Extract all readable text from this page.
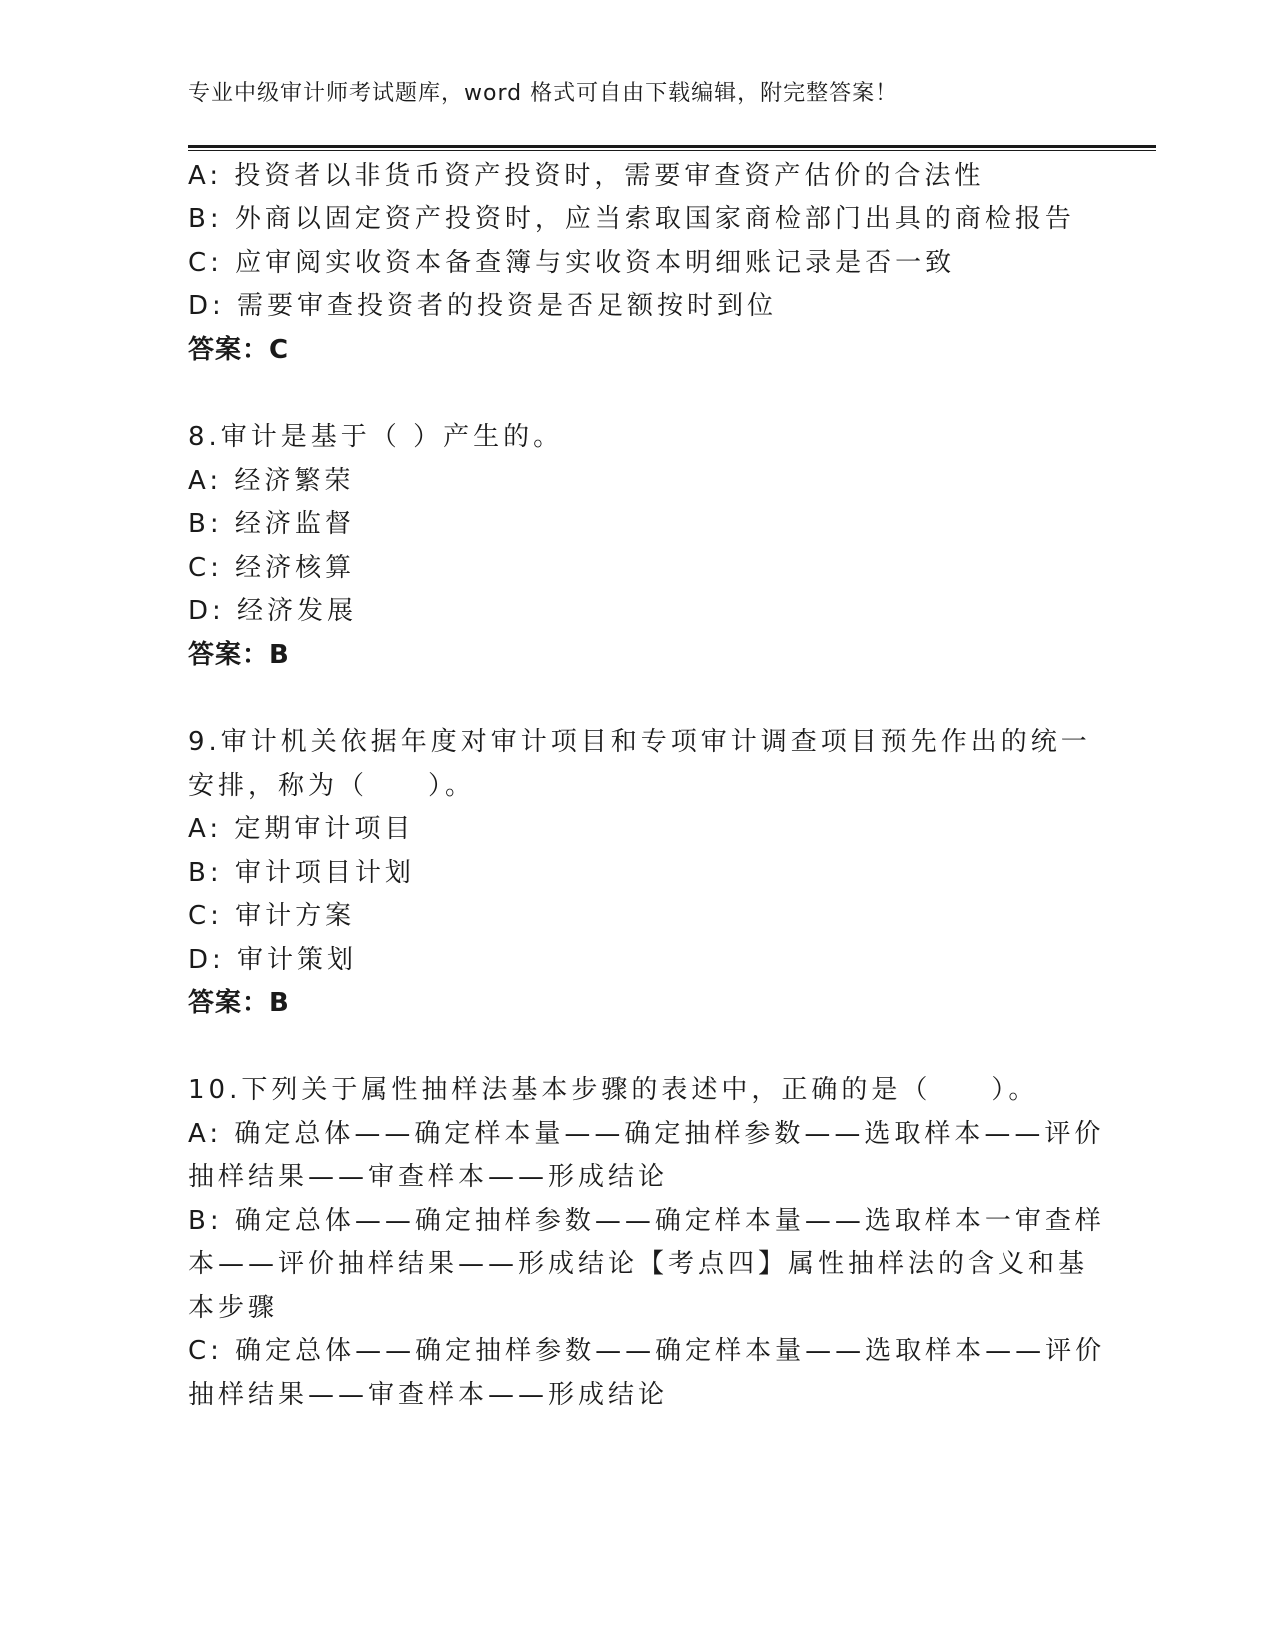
专业中级审计师考试题库，word 格式可自由下载编辑，附完整答案！
A: 投资者以非货币资产投资时，需要审查资产估价的合法性
B: 外商以固定资产投资时，应当索取国家商检部门出具的商检报告
C: 应审阅实收资本备查簿与实收资本明细账记录是否一致
D: 需要审查投资者的投资是否足额按时到位
答案：C
8.审计是基于（ ）产生的。
A: 经济繁荣
B: 经济监督
C: 经济核算
D: 经济发展
答案：B
9.审计机关依据年度对审计项目和专项审计调查项目预先作出的统一
安排，称为（　　）。
A: 定期审计项目
B: 审计项目计划
C: 审计方案
D: 审计策划
答案：B
10.下列关于属性抽样法基本步骤的表述中，正确的是（　　）。
A: 确定总体——确定样本量——确定抽样参数——选取样本——评价
抽样结果——审查样本——形成结论
B: 确定总体——确定抽样参数——确定样本量——选取样本一审查样
本——评价抽样结果——形成结论【考点四】属性抽样法的含义和基
本步骤
C: 确定总体——确定抽样参数——确定样本量——选取样本——评价
抽样结果——审查样本——形成结论
